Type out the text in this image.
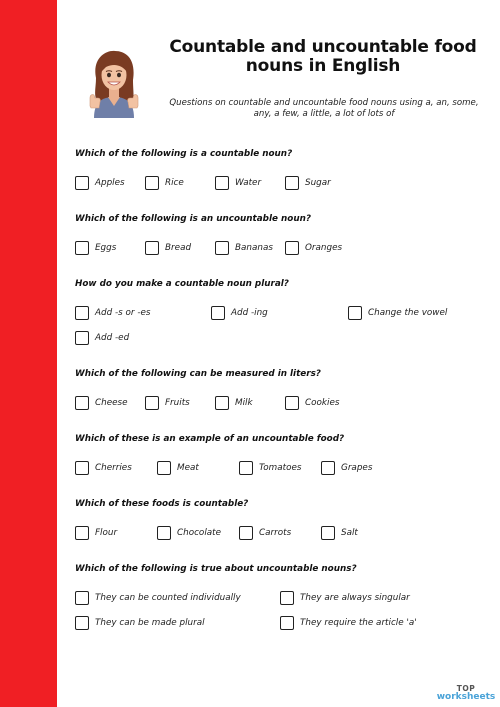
Countable and uncountable food nouns in English
Questions on countable and uncountable food nouns using a, an, some, any, a few, a little, a lot of lots of
Which of the following is a countable noun?
Apples	Rice	Water	Sugar
Which of the following is an uncountable noun?
Eggs	Bread	Bananas	Oranges
How do you make a countable noun plural?
Add -s or -es	Add -ing	Change the vowel
Add -ed
Which of the following can be measured in liters?
Cheese	Fruits	Milk	Cookies
Which of these is an example of an uncountable food?
Cherries	Meat	Tomatoes	Grapes
Which of these foods is countable?
Flour	Chocolate	Carrots	Salt
Which of the following is true about uncountable nouns?
They can be counted individually	They are always singular
They can be made plural	They require the article 'a'
TOP
worksheets
